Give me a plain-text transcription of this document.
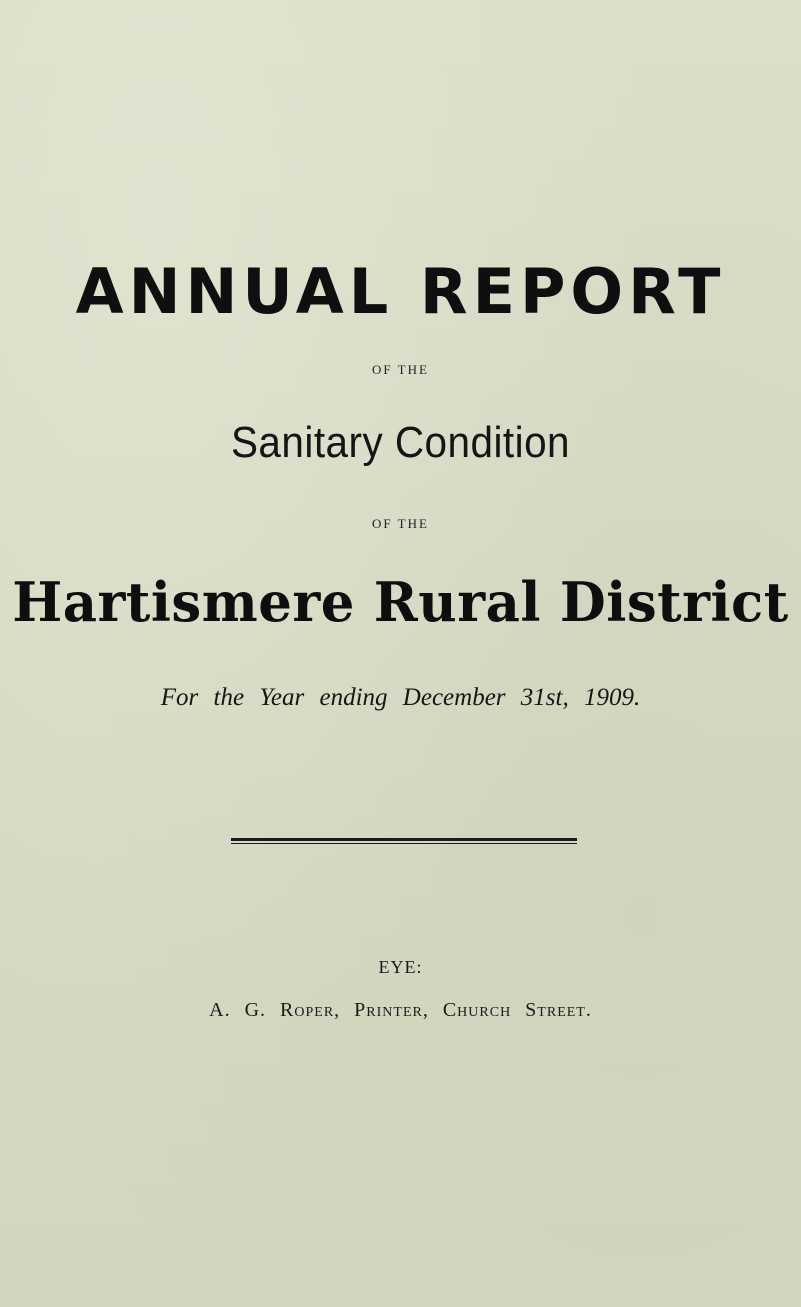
ANNUAL REPORT
OF THE
Sanitary Condition
OF THE
Hartismere Rural District
For the Year ending December 31st, 1909.
EYE:
A. G. Roper, Printer, Church Street.
